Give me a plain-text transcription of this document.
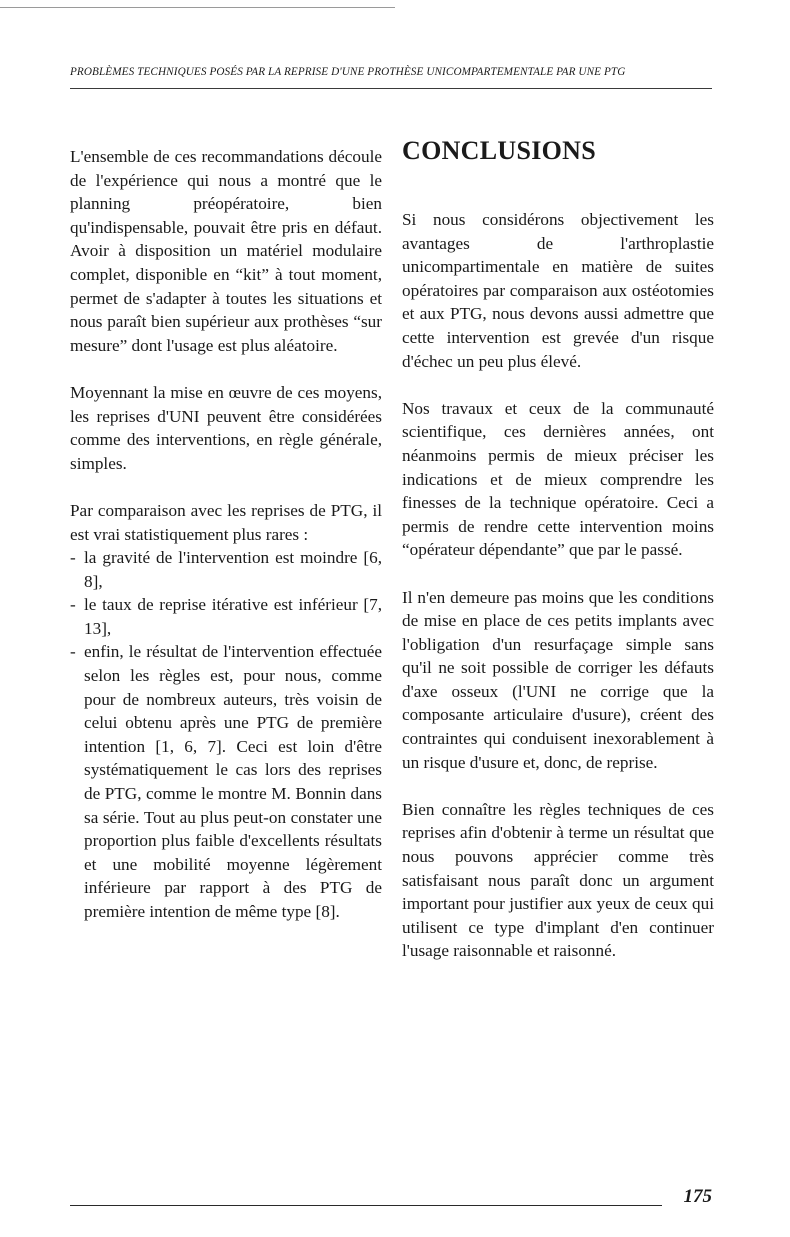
PROBLÈMES TECHNIQUES POSÉS PAR LA REPRISE D'UNE PROTHÈSE UNICOMPARTEMENTALE PAR UNE PTG

L'ensemble de ces recommandations découle de l'expérience qui nous a montré que le planning préopératoire, bien qu'indispensable, pouvait être pris en défaut. Avoir à disposition un matériel modulaire complet, disponible en “kit” à tout moment, permet de s'adapter à toutes les situations et nous paraît bien supérieur aux prothèses “sur mesure” dont l'usage est plus aléatoire.

Moyennant la mise en œuvre de ces moyens, les reprises d'UNI peuvent être considérées comme des interventions, en règle générale, simples.

Par comparaison avec les reprises de PTG, il est vrai statistiquement plus rares :

- la gravité de l'intervention est moindre [6, 8],
- le taux de reprise itérative est inférieur [7, 13],
- enfin, le résultat de l'intervention effectuée selon les règles est, pour nous, comme pour de nombreux auteurs, très voisin de celui obtenu après une PTG de première intention [1, 6, 7]. Ceci est loin d'être systématiquement le cas lors des reprises de PTG, comme le montre M. Bonnin dans sa série. Tout au plus peut-on constater une proportion plus faible d'excellents résultats et une mobilité moyenne légèrement inférieure par rapport à des PTG de première intention de même type [8].
CONCLUSIONS

Si nous considérons objectivement les avantages de l'arthroplastie unicompartimentale en matière de suites opératoires par comparaison aux ostéotomies et aux PTG, nous devons aussi admettre que cette intervention est grevée d'un risque d'échec un peu plus élevé.

Nos travaux et ceux de la communauté scientifique, ces dernières années, ont néanmoins permis de mieux préciser les indications et de mieux comprendre les finesses de la technique opératoire. Ceci a permis de rendre cette intervention moins “opérateur dépendante” que par le passé.

Il n'en demeure pas moins que les conditions de mise en place de ces petits implants avec l'obligation d'un resurfaçage simple sans qu'il ne soit possible de corriger les défauts d'axe osseux (l'UNI ne corrige que la composante articulaire d'usure), créent des contraintes qui conduisent inexorablement à un risque d'usure et, donc, de reprise.

Bien connaître les règles techniques de ces reprises afin d'obtenir à terme un résultat que nous pouvons apprécier comme très satisfaisant nous paraît donc un argument important pour justifier aux yeux de ceux qui utilisent ce type d'implant d'en continuer l'usage raisonnable et raisonné.

175
